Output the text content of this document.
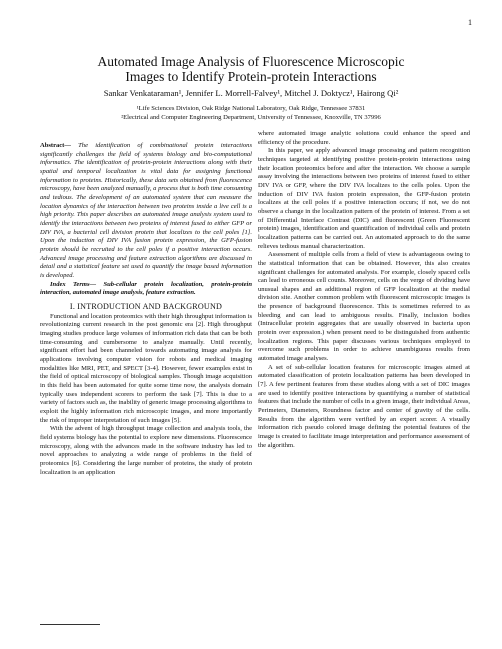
1
Automated Image Analysis of Fluorescence Microscopic
Images to Identify Protein-protein Interactions
Sankar Venkataraman¹, Jennifer L. Morrell-Falvey¹, Mitchel J. Doktycz¹, Hairong Qi²
¹Life Sciences Division, Oak Ridge National Laboratory, Oak Ridge, Tennessee 37831
²Electrical and Computer Engineering Department, University of Tennessee, Knoxville, TN 37996

Abstract— The identification of combinational protein interactions significantly challenges the field of systems biology and bio-computational informatics. The identification of protein-protein interactions along with their spatial and temporal localization is vital data for assigning functional information to proteins. Historically, these data sets obtained from fluorescence microscopy, have been analyzed manually, a process that is both time consuming and tedious. The development of an automated system that can measure the location dynamics of the interaction between two proteins inside a live cell is a high priority. This paper describes an automated image analysis system used to identify the interactions between two proteins of interest fused to either GFP or DIV IVA, a bacterial cell division protein that localizes to the cell poles [1]. Upon the induction of DIV IVA fusion protein expression, the GFP-fusion protein should be recruited to the cell poles if a positive interaction occurs. Advanced image processing and feature extraction algorithms are discussed in detail and a statistical feature set used to quantify the image based information is developed.

Index Terms— Sub-cellular protein localization, protein-protein interaction, automated image analysis, feature extraction.

I. INTRODUCTION AND BACKGROUND

Functional and location proteomics with their high throughput information is revolutionizing current research in the post genomic era [2]. High throughput imaging studies produce large volumes of information rich data that can be both time-consuming and cumbersome to analyze manually. Until recently, significant effort had been channeled towards automating image analysis for applications involving computer vision for robots and medical imaging modalities like MRI, PET, and SPECT [3-4]. However, fewer examples exist in the field of optical microscopy of biological samples. Though image acquisition in this field has been automated for quite some time now, the analysis domain typically uses independent scorers to perform the task [7]. This is due to a variety of factors such as, the inability of generic image processing algorithms to exploit the highly information rich microscopic images, and more importantly the risk of improper interpretation of such images [5].

With the advent of high throughput image collection and analysis tools, the field systems biology has the potential to explore new dimensions. Fluorescence microscopy, along with the advances made in the software industry has led to novel approaches to analyzing a wide range of problems in the field of proteomics [6]. Considering the large number of proteins, the study of protein localization is an application

where automated image analytic solutions could enhance the speed and efficiency of the procedure.

In this paper, we apply advanced image processing and pattern recognition techniques targeted at identifying positive protein-protein interactions using their location proteomics before and after the interaction. We choose a sample assay involving the interactions between two proteins of interest fused to either DIV IVA or GFP, where the DIV IVA localizes to the cells poles. Upon the induction of DIV IVA fusion protein expression, the GFP-fusion protein localizes at the cell poles if a positive interaction occurs; if not, we do not observe a change in the localization pattern of the protein of interest. From a set of Differential Interface Contrast (DIC) and fluorescent (Green Fluorescent protein) images, identification and quantification of individual cells and protein localization patterns can be carried out. An automated approach to do the same relieves tedious manual characterization.

Assessment of multiple cells from a field of view is advantageous owing to the statistical information that can be obtained. However, this also creates significant challenges for automated analysis. For example, closely spaced cells can lead to erroneous cell counts. Moreover, cells on the verge of dividing have unusual shapes and an additional region of GFP localization at the medial division site. Another common problem with fluorescent microscopic images is the presence of background fluorescence. This is sometimes referred to as bleeding and can lead to ambiguous results. Finally, inclusion bodies (Intracellular protein aggregates that are usually observed in bacteria upon protein over expression.) when present need to be distinguished from authentic localization regions. This paper discusses various techniques employed to overcome such problems in order to achieve unambiguous results from automated image analyses.

A set of sub-cellular location features for microscopic images aimed at automated classification of protein localization patterns has been developed in [7]. A few pertinent features from these studies along with a set of DIC images are used to identify positive interactions by quantifying a number of statistical features that include the number of cells in a given image, their individual Areas, Perimeters, Diameters, Roundness factor and center of gravity of the cells. Results from the algorithm were verified by an expert scorer. A visually information rich pseudo colored image defining the potential features of the image is created to facilitate image interpretation and performance assessment of the algorithm.
